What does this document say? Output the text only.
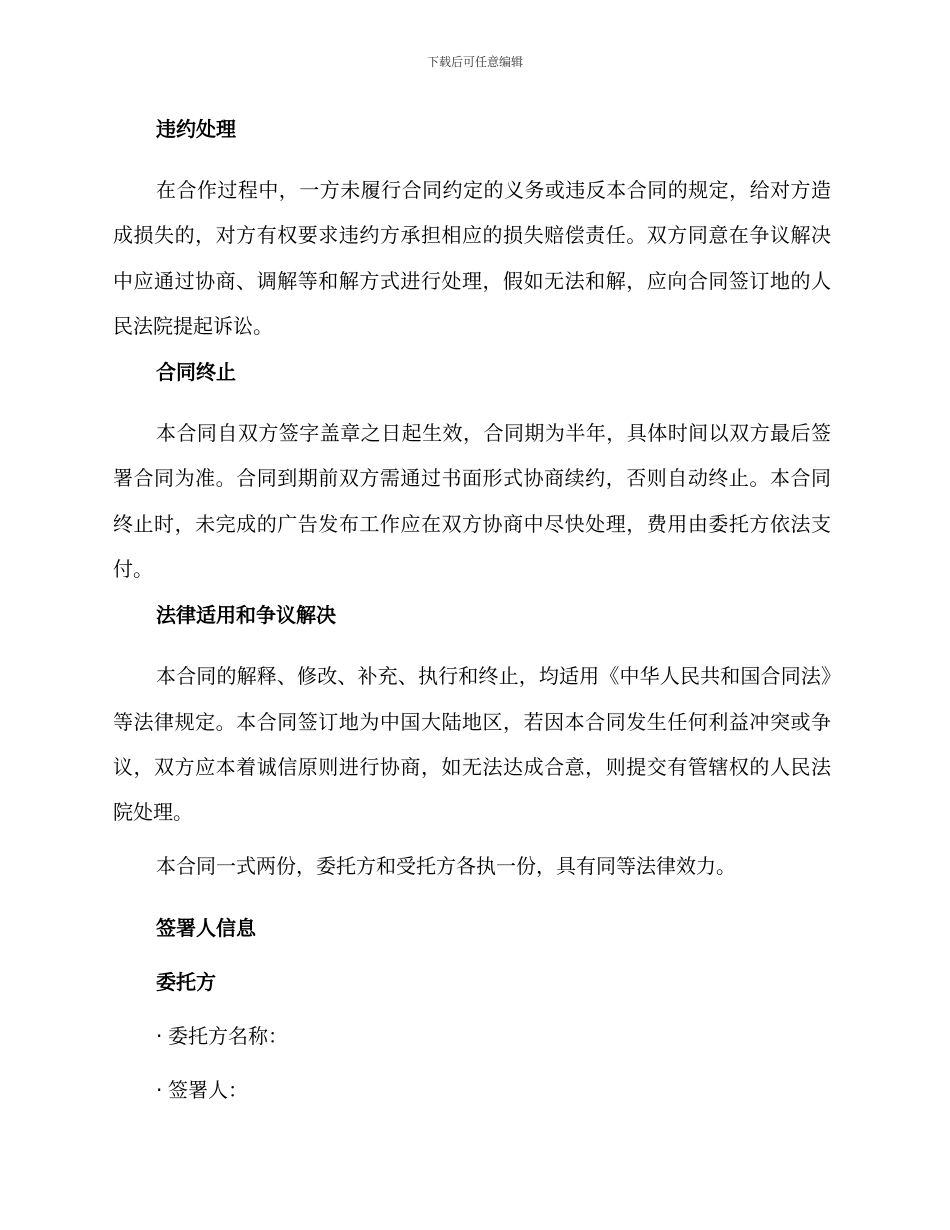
下载后可任意编辑
违约处理

在合作过程中，一方未履行合同约定的义务或违反本合同的规定，给对方造成损失的，对方有权要求违约方承担相应的损失赔偿责任。双方同意在争议解决中应通过协商、调解等和解方式进行处理，假如无法和解，应向合同签订地的人民法院提起诉讼。

合同终止

本合同自双方签字盖章之日起生效，合同期为半年，具体时间以双方最后签署合同为准。合同到期前双方需通过书面形式协商续约，否则自动终止。本合同终止时，未完成的广告发布工作应在双方协商中尽快处理，费用由委托方依法支付。

法律适用和争议解决

本合同的解释、修改、补充、执行和终止，均适用《中华人民共和国合同法》等法律规定。本合同签订地为中国大陆地区，若因本合同发生任何利益冲突或争议，双方应本着诚信原则进行协商，如无法达成合意，则提交有管辖权的人民法院处理。

本合同一式两份，委托方和受托方各执一份，具有同等法律效力。

签署人信息
委托方
· 委托方名称：
· 签署人：
